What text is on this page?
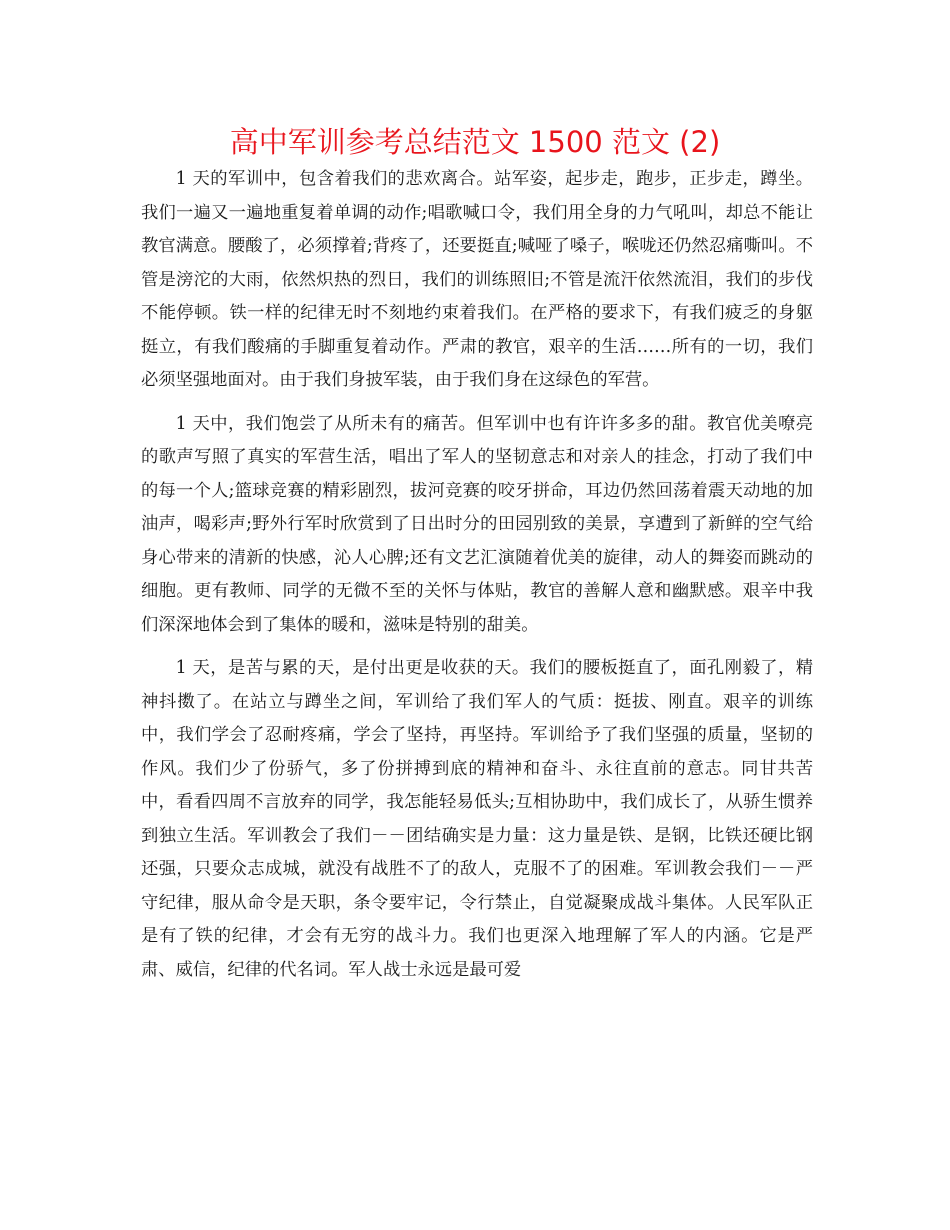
高中军训参考总结范文 1500 范文 (2)

1 天的军训中，包含着我们的悲欢离合。站军姿，起步走，跑步，正步走，蹲坐。我们一遍又一遍地重复着单调的动作;唱歌喊口令，我们用全身的力气吼叫，却总不能让教官满意。腰酸了，必须撑着;背疼了，还要挺直;喊哑了嗓子，喉咙还仍然忍痛嘶叫。不管是滂沱的大雨，依然炽热的烈日，我们的训练照旧;不管是流汗依然流泪，我们的步伐不能停顿。铁一样的纪律无时不刻地约束着我们。在严格的要求下，有我们疲乏的身躯挺立，有我们酸痛的手脚重复着动作。严肃的教官，艰辛的生活……所有的一切，我们必须坚强地面对。由于我们身披军装，由于我们身在这绿色的军营。

1 天中，我们饱尝了从所未有的痛苦。但军训中也有许许多多的甜。教官优美嘹亮的歌声写照了真实的军营生活，唱出了军人的坚韧意志和对亲人的挂念，打动了我们中的每一个人;篮球竞赛的精彩剧烈，拔河竞赛的咬牙拼命，耳边仍然回荡着震天动地的加油声，喝彩声;野外行军时欣赏到了日出时分的田园别致的美景，享遭到了新鲜的空气给身心带来的清新的快感，沁人心脾;还有文艺汇演随着优美的旋律，动人的舞姿而跳动的细胞。更有教师、同学的无微不至的关怀与体贴，教官的善解人意和幽默感。艰辛中我们深深地体会到了集体的暖和，滋味是特别的甜美。

1 天，是苦与累的天，是付出更是收获的天。我们的腰板挺直了，面孔刚毅了，精神抖擞了。在站立与蹲坐之间，军训给了我们军人的气质：挺拔、刚直。艰辛的训练中，我们学会了忍耐疼痛，学会了坚持，再坚持。军训给予了我们坚强的质量，坚韧的作风。我们少了份骄气，多了份拼搏到底的精神和奋斗、永往直前的意志。同甘共苦中，看看四周不言放弃的同学，我怎能轻易低头;互相协助中，我们成长了，从骄生惯养到独立生活。军训教会了我们－－团结确实是力量：这力量是铁、是钢，比铁还硬比钢还强，只要众志成城，就没有战胜不了的敌人，克服不了的困难。军训教会我们－－严守纪律，服从命令是天职，条令要牢记，令行禁止，自觉凝聚成战斗集体。人民军队正是有了铁的纪律，才会有无穷的战斗力。我们也更深入地理解了军人的内涵。它是严肃、威信，纪律的代名词。军人战士永远是最可爱
